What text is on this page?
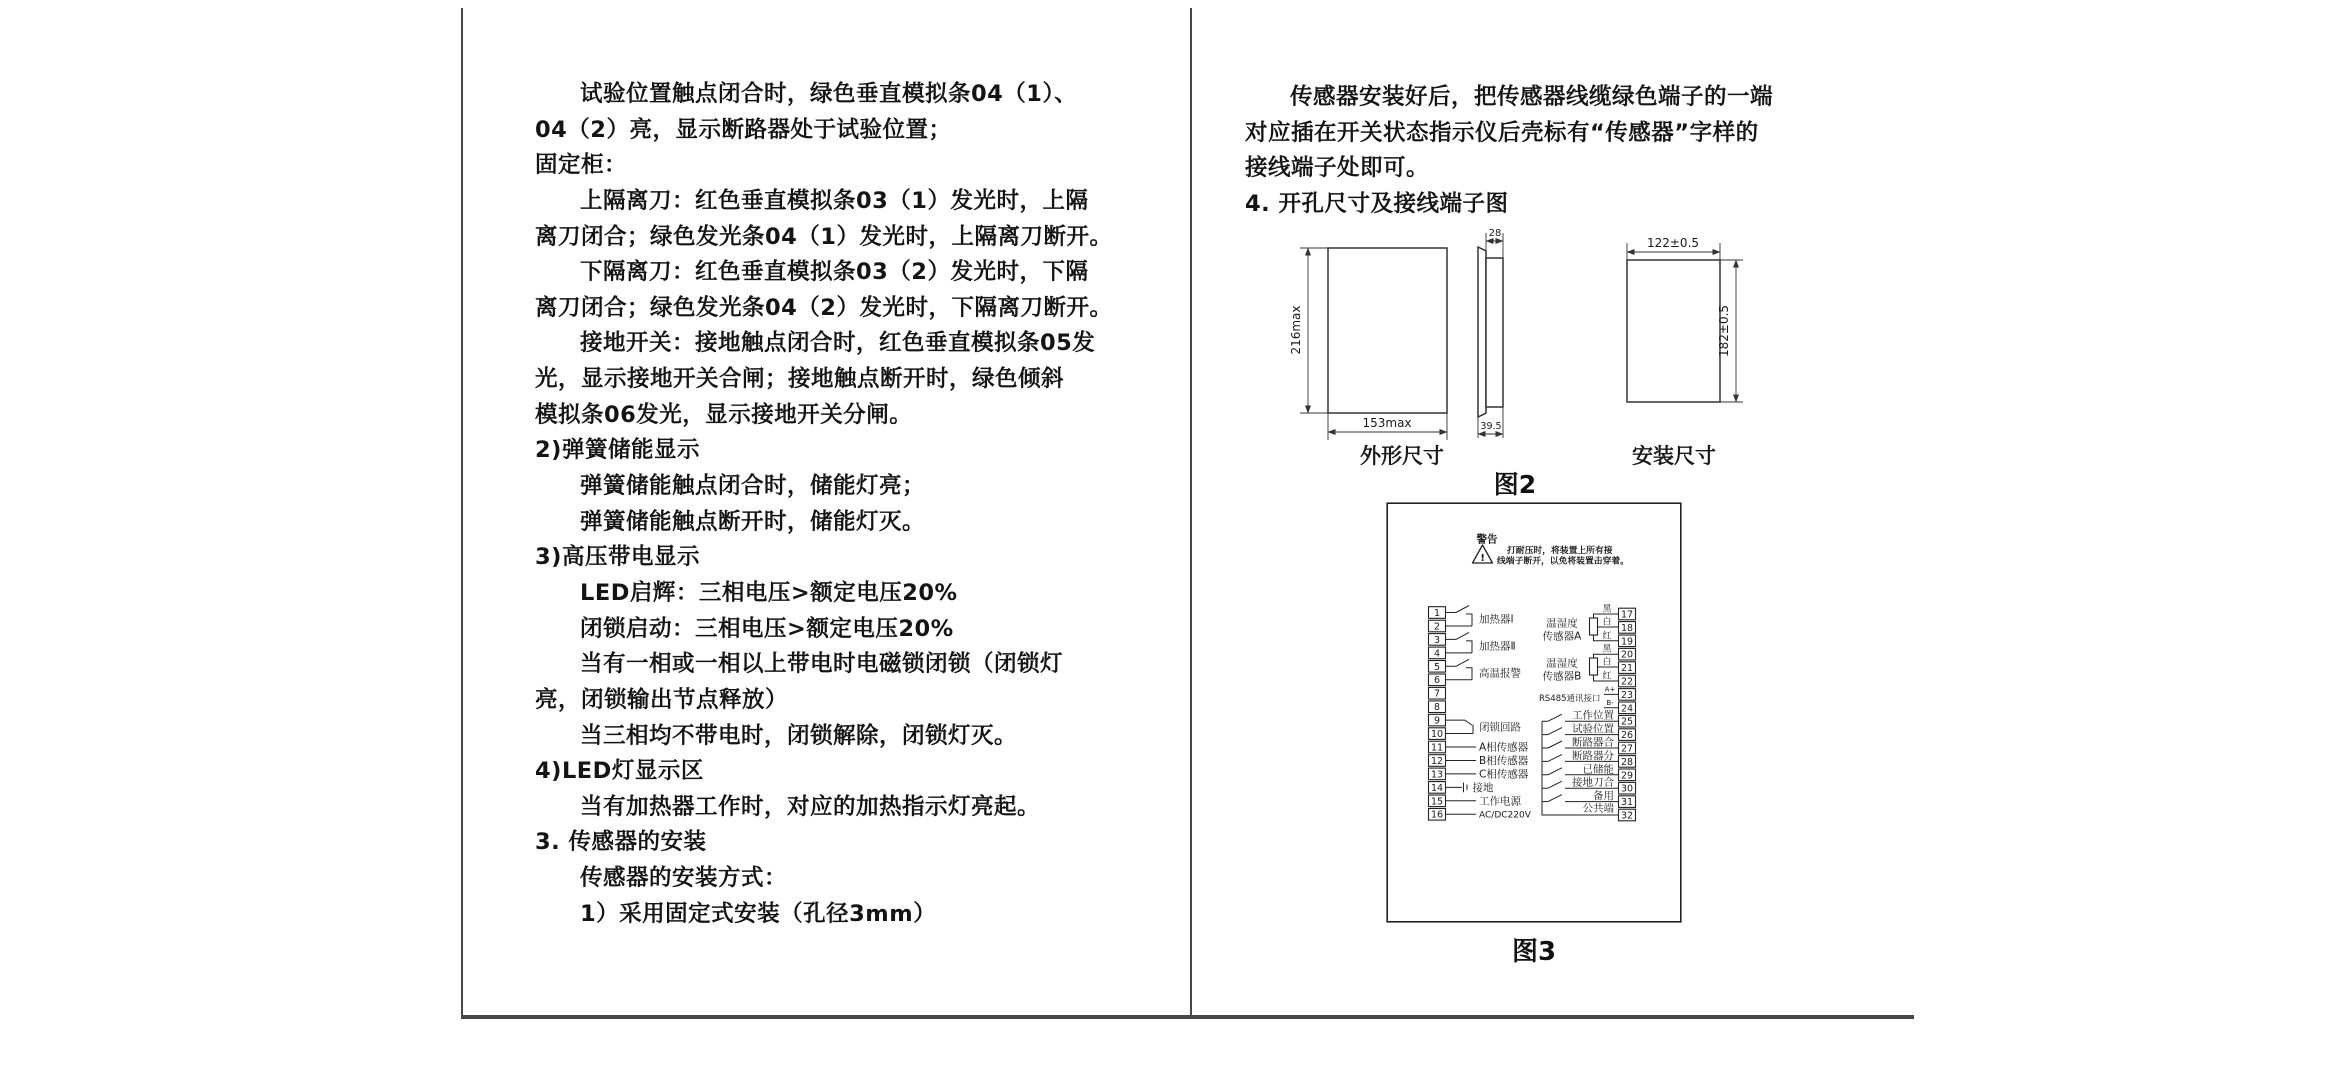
试验位置触点闭合时，绿色垂直模拟条04（1）、
04（2）亮，显示断路器处于试验位置；
固定柜：
上隔离刀：红色垂直模拟条03（1）发光时，上隔
离刀闭合；绿色发光条04（1）发光时，上隔离刀断开。
下隔离刀：红色垂直模拟条03（2）发光时，下隔
离刀闭合；绿色发光条04（2）发光时，下隔离刀断开。
接地开关：接地触点闭合时，红色垂直模拟条05发
光，显示接地开关合闸；接地触点断开时，绿色倾斜
模拟条06发光，显示接地开关分闸。
2)弹簧储能显示
弹簧储能触点闭合时，储能灯亮；
弹簧储能触点断开时，储能灯灭。
3)高压带电显示
LED启辉：三相电压>额定电压20%
闭锁启动：三相电压>额定电压20%
当有一相或一相以上带电时电磁锁闭锁（闭锁灯
亮，闭锁输出节点释放）
当三相均不带电时，闭锁解除，闭锁灯灭。
4)LED灯显示区
当有加热器工作时，对应的加热指示灯亮起。
3. 传感器的安装
传感器的安装方式：
1）采用固定式安装（孔径3mm）
传感器安装好后，把传感器线缆绿色端子的一端
对应插在开关状态指示仪后壳标有“传感器”字样的
接线端子处即可。
4. 开孔尺寸及接线端子图
216max
153max
外形尺寸
28
39.5
122±0.5
182±0.5
安装尺寸
图2
警告
!
打耐压时，将装置上所有接
线端子断开，以免将装置击穿着。
1
2
3
4
5
6
7
8
9
10
11
12
13
14
15
16
17
18
19
20
21
22
23
24
25
26
27
28
29
30
31
32
加热器Ⅰ
加热器Ⅱ
高温报警
闭锁回路
A相传感器
B相传感器
C相传感器
接地
工作电源
AC/DC220V
温湿度
传感器A
黑
白
红
温湿度
传感器B
黑
白
红
RS485通讯接口
A+
B-
工作位置
试验位置
断路器合
断路器分
已储能
接地刀合
备用
公共端
图3
